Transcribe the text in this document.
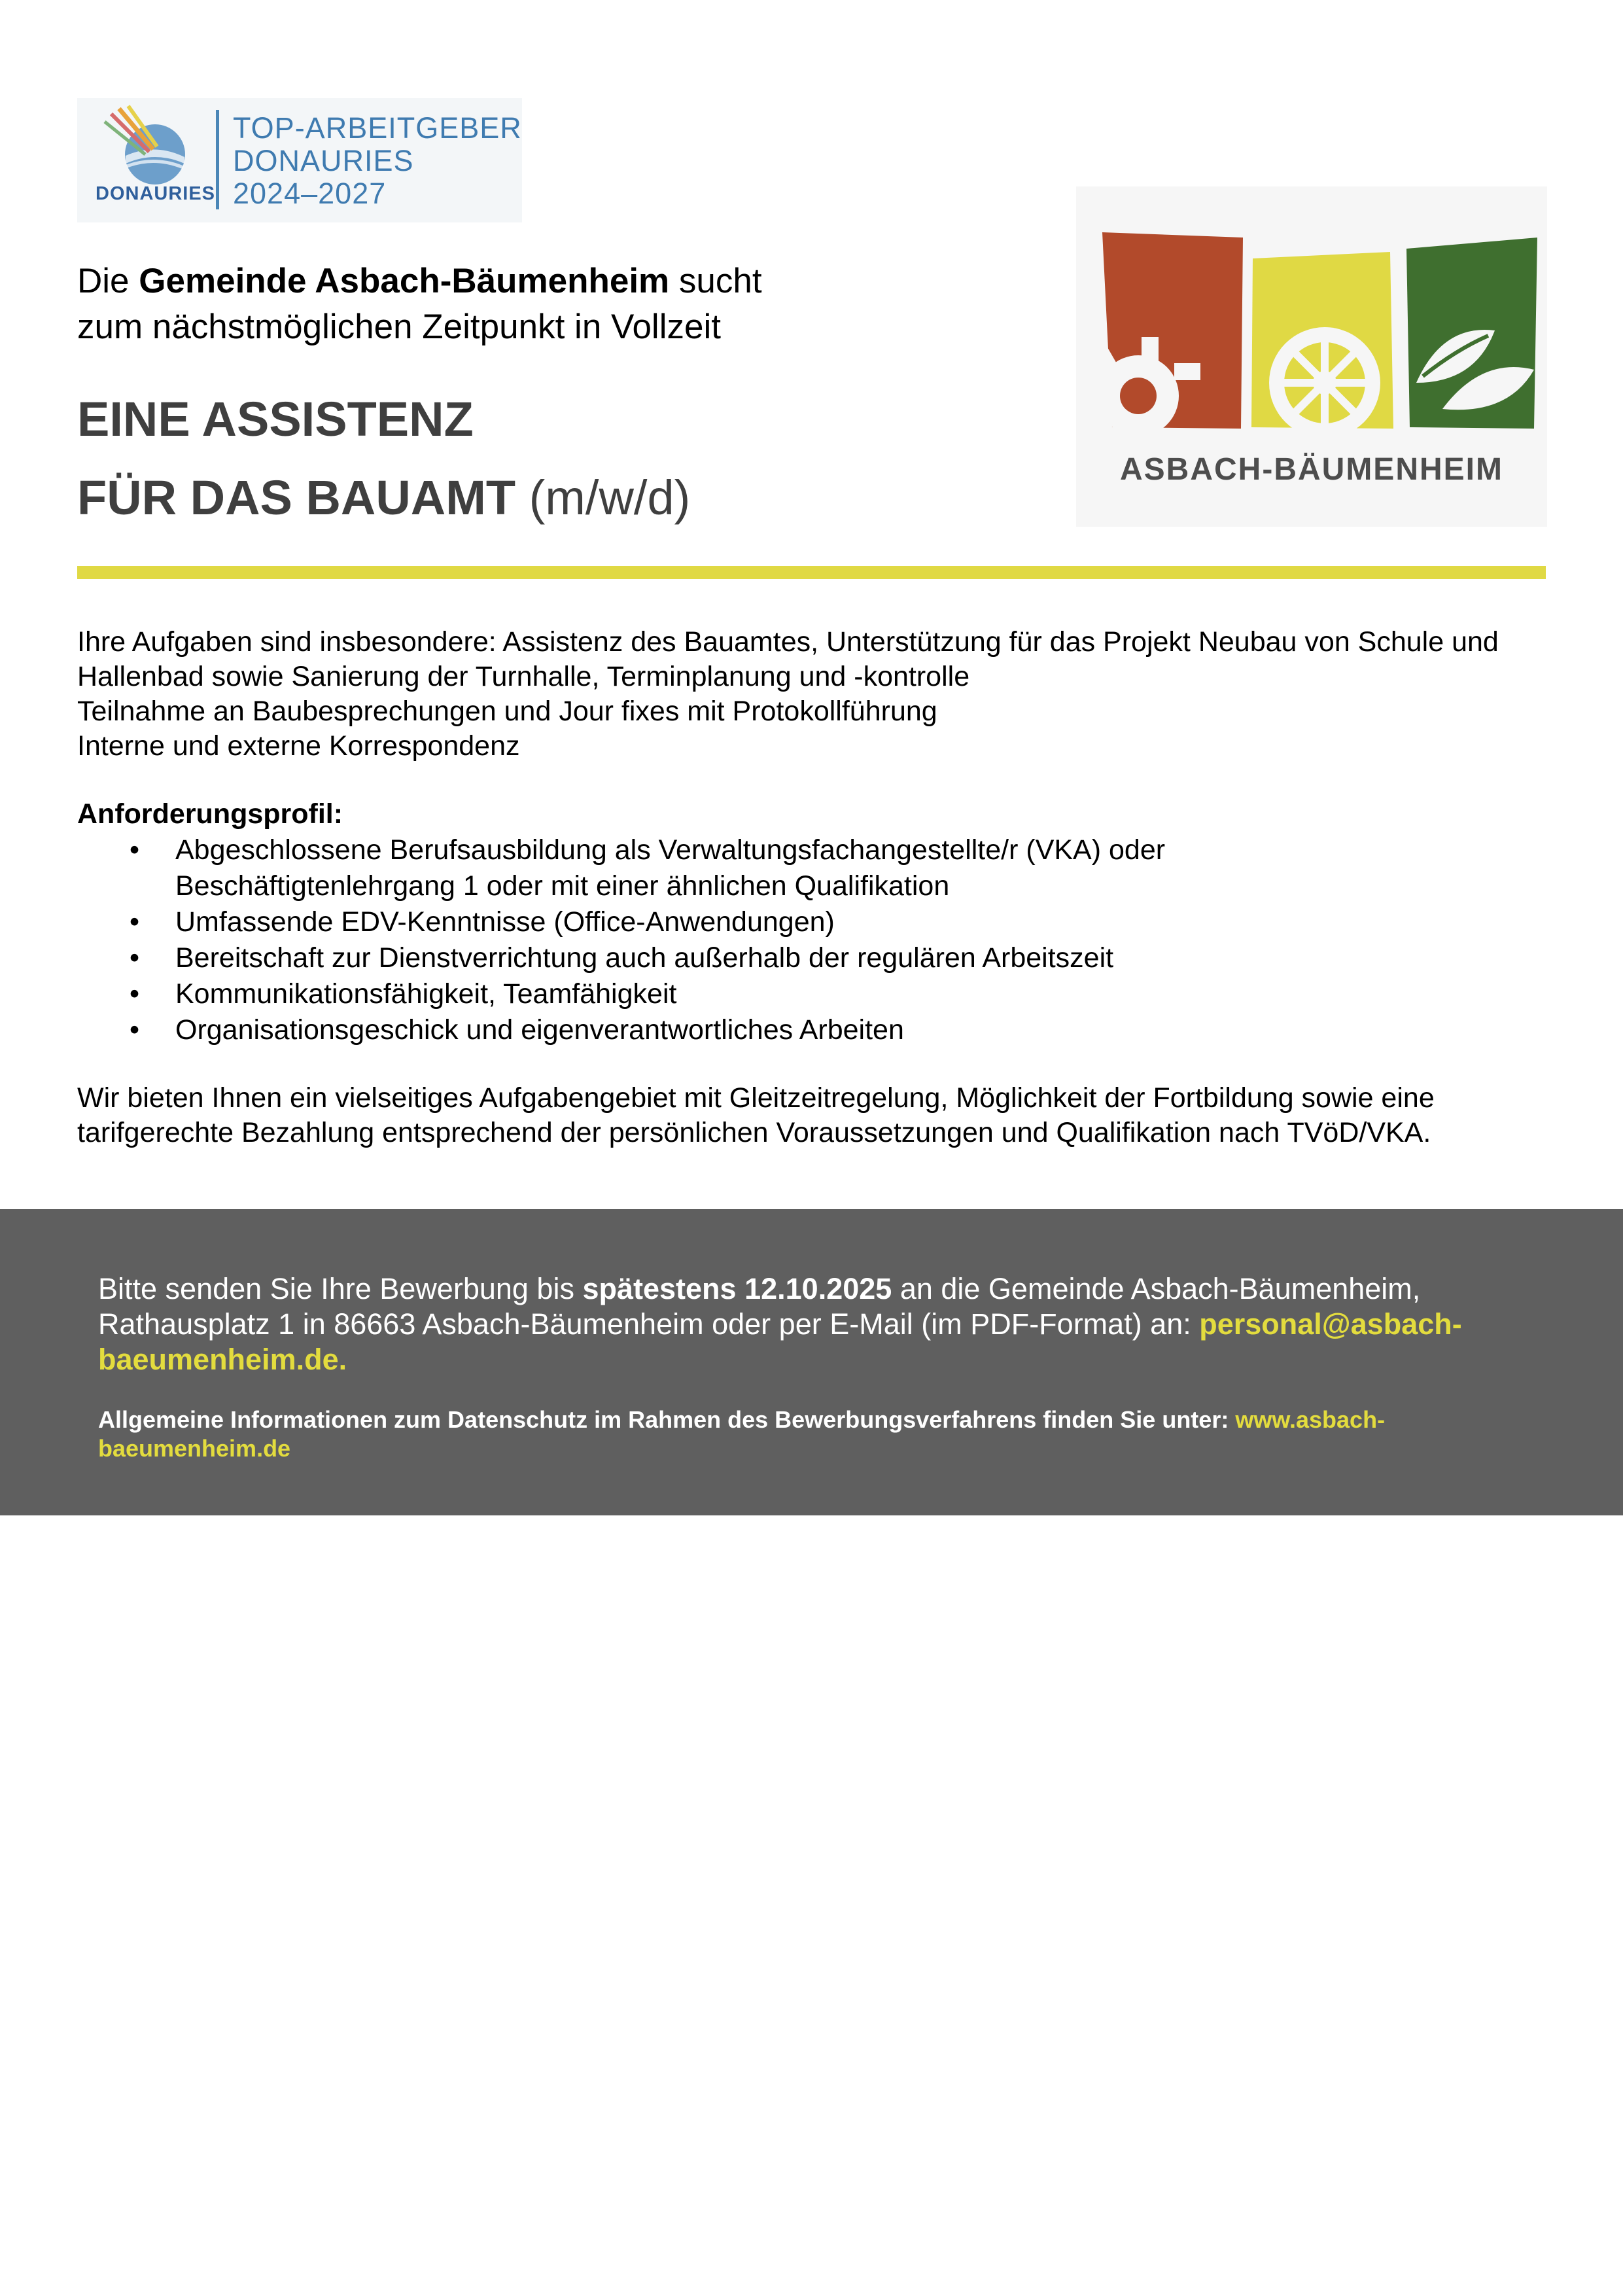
DONAURIES
TOP-ARBEITGEBER
DONAURIES
2024–2027
ASBACH-BÄUMENHEIM
Die Gemeinde Asbach-Bäumenheim sucht
zum nächstmöglichen Zeitpunkt in Vollzeit
EINE ASSISTENZ
FÜR DAS BAUAMT (m/w/d)

Ihre Aufgaben sind insbesondere: Assistenz des Bauamtes, Unterstützung für das Projekt Neubau von Schule und Hallenbad sowie Sanierung der Turnhalle, Terminplanung und -kontrolle

Teilnahme an Baubesprechungen und Jour fixes mit Protokollführung

Interne und externe Korrespondenz

Anforderungsprofil:
• Abgeschlossene Berufsausbildung als Verwaltungsfachangestellte/r (VKA) oder Beschäftigtenlehrgang 1 oder mit einer ähnlichen Qualifikation
• Umfassende EDV-Kenntnisse (Office-Anwendungen)
• Bereitschaft zur Dienstverrichtung auch außerhalb der regulären Arbeitszeit
• Kommunikationsfähigkeit, Teamfähigkeit
• Organisationsgeschick und eigenverantwortliches Arbeiten
Wir bieten Ihnen ein vielseitiges Aufgabengebiet mit Gleitzeitregelung, Möglichkeit der Fortbildung sowie eine tarifgerechte Bezahlung entsprechend der persönlichen Voraussetzungen und Qualifikation nach TVöD/VKA.
Bitte senden Sie Ihre Bewerbung bis spätestens 12.10.2025 an die Gemeinde Asbach-Bäumenheim, Rathausplatz 1 in 86663 Asbach-Bäumenheim oder per E-Mail (im PDF-Format) an: personal@asbach-baeumenheim.de.
Allgemeine Informationen zum Datenschutz im Rahmen des Bewerbungsverfahrens finden Sie unter: www.asbach-baeumenheim.de
